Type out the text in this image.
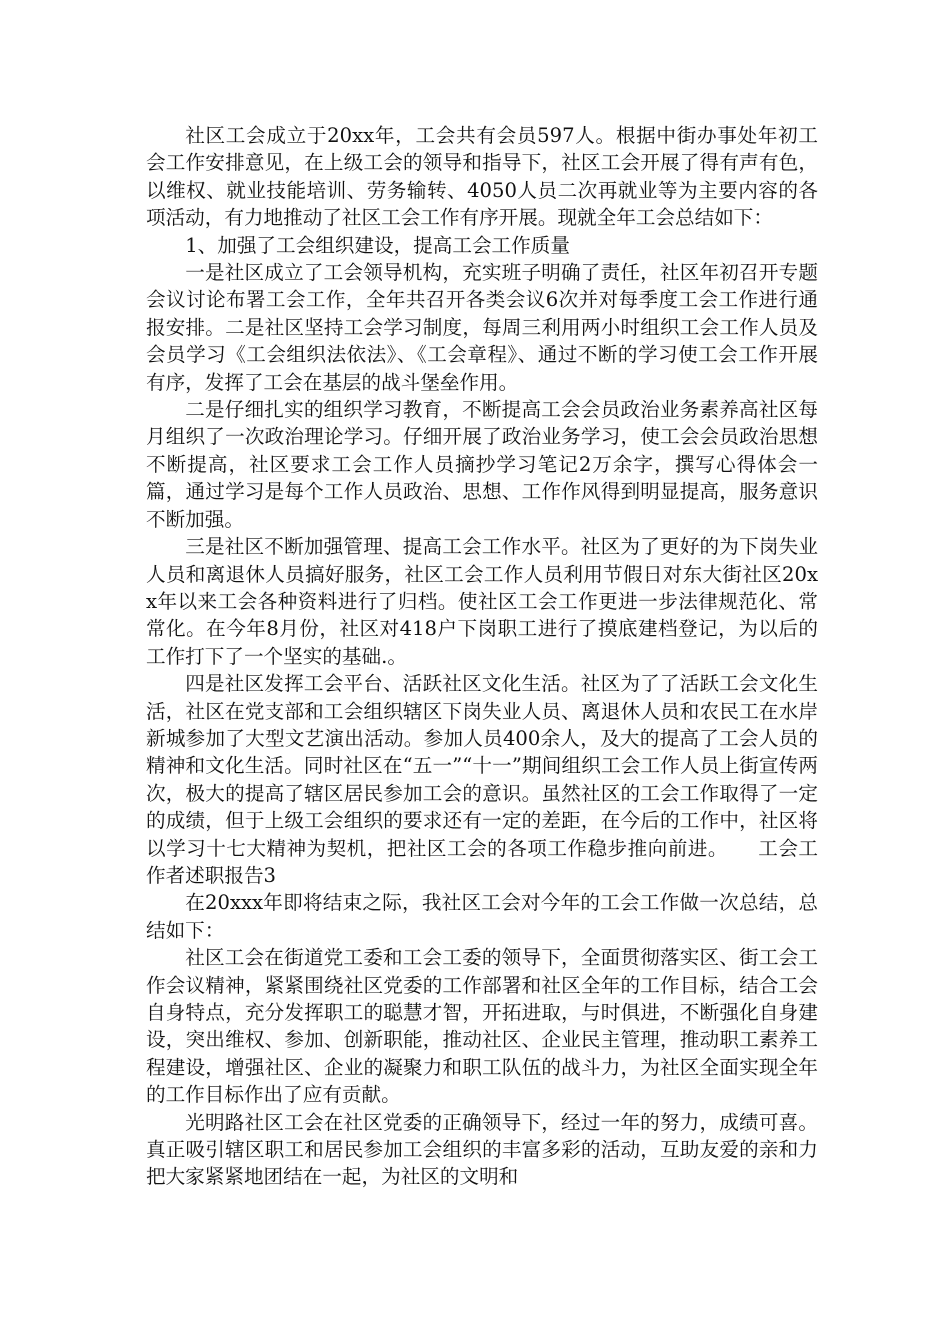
社区工会成立于20xx年，工会共有会员597人。根据中街办事处年初工会工作安排意见，在上级工会的领导和指导下，社区工会开展了得有声有色，以维权、就业技能培训、劳务输转、4050人员二次再就业等为主要内容的各项活动，有力地推动了社区工会工作有序开展。现就全年工会总结如下：

1、加强了工会组织建设，提高工会工作质量

一是社区成立了工会领导机构，充实班子明确了责任，社区年初召开专题会议讨论布署工会工作，全年共召开各类会议6次并对每季度工会工作进行通报安排。二是社区坚持工会学习制度，每周三利用两小时组织工会工作人员及会员学习《工会组织法依法》、《工会章程》、通过不断的学习使工会工作开展有序，发挥了工会在基层的战斗堡垒作用。

二是仔细扎实的组织学习教育，不断提高工会会员政治业务素养高社区每月组织了一次政治理论学习。仔细开展了政治业务学习，使工会会员政治思想不断提高，社区要求工会工作人员摘抄学习笔记2万余字，撰写心得体会一篇，通过学习是每个工作人员政治、思想、工作作风得到明显提高，服务意识不断加强。

三是社区不断加强管理、提高工会工作水平。社区为了更好的为下岗失业人员和离退休人员搞好服务，社区工会工作人员利用节假日对东大街社区20xx年以来工会各种资料进行了归档。使社区工会工作更进一步法律规范化、常常化。在今年8月份，社区对418户下岗职工进行了摸底建档登记，为以后的工作打下了一个坚实的基础.。

四是社区发挥工会平台、活跃社区文化生活。社区为了了活跃工会文化生活，社区在党支部和工会组织辖区下岗失业人员、离退休人员和农民工在水岸新城参加了大型文艺演出活动。参加人员400余人，及大的提高了工会人员的精神和文化生活。同时社区在“五一”“十一”期间组织工会工作人员上街宣传两次，极大的提高了辖区居民参加工会的意识。虽然社区的工会工作取得了一定的成绩，但于上级工会组织的要求还有一定的差距，在今后的工作中，社区将以学习十七大精神为契机，把社区工会的各项工作稳步推向前进。　　工会工作者述职报告3

在20xxx年即将结束之际，我社区工会对今年的工会工作做一次总结，总结如下：

社区工会在街道党工委和工会工委的领导下，全面贯彻落实区、街工会工作会议精神，紧紧围绕社区党委的工作部署和社区全年的工作目标，结合工会自身特点，充分发挥职工的聪慧才智，开拓进取，与时俱进，不断强化自身建设，突出维权、参加、创新职能，推动社区、企业民主管理，推动职工素养工程建设，增强社区、企业的凝聚力和职工队伍的战斗力，为社区全面实现全年的工作目标作出了应有贡献。

光明路社区工会在社区党委的正确领导下，经过一年的努力，成绩可喜。真正吸引辖区职工和居民参加工会组织的丰富多彩的活动，互助友爱的亲和力把大家紧紧地团结在一起，为社区的文明和
